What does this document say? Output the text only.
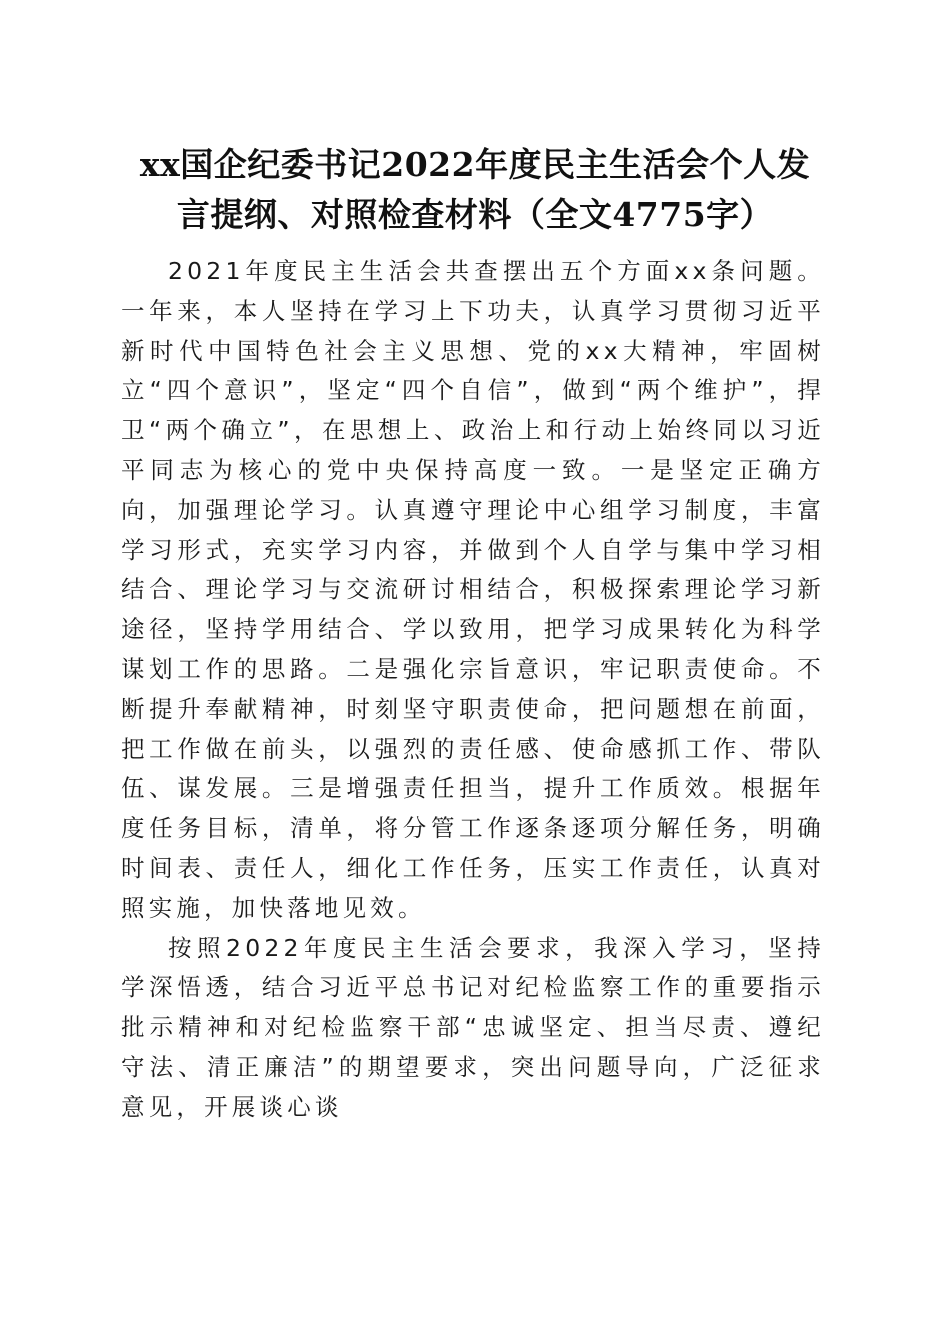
xx国企纪委书记2022年度民主生活会个人发
言提纲、对照检查材料（全文4775字）

2021年度民主生活会共查摆出五个方面xx条问题。一年来，本人坚持在学习上下功夫，认真学习贯彻习近平新时代中国特色社会主义思想、党的xx大精神，牢固树立“四个意识”，坚定“四个自信”，做到“两个维护”，捍卫“两个确立”，在思想上、政治上和行动上始终同以习近平同志为核心的党中央保持高度一致。一是坚定正确方向，加强理论学习。认真遵守理论中心组学习制度，丰富学习形式，充实学习内容，并做到个人自学与集中学习相结合、理论学习与交流研讨相结合，积极探索理论学习新途径，坚持学用结合、学以致用，把学习成果转化为科学谋划工作的思路。二是强化宗旨意识，牢记职责使命。不断提升奉献精神，时刻坚守职责使命，把问题想在前面，把工作做在前头，以强烈的责任感、使命感抓工作、带队伍、谋发展。三是增强责任担当，提升工作质效。根据年度任务目标，清单，将分管工作逐条逐项分解任务，明确时间表、责任人，细化工作任务，压实工作责任，认真对照实施，加快落地见效。

按照2022年度民主生活会要求，我深入学习，坚持学深悟透，结合习近平总书记对纪检监察工作的重要指示批示精神和对纪检监察干部“忠诚坚定、担当尽责、遵纪守法、清正廉洁”的期望要求，突出问题导向，广泛征求意见，开展谈心谈
